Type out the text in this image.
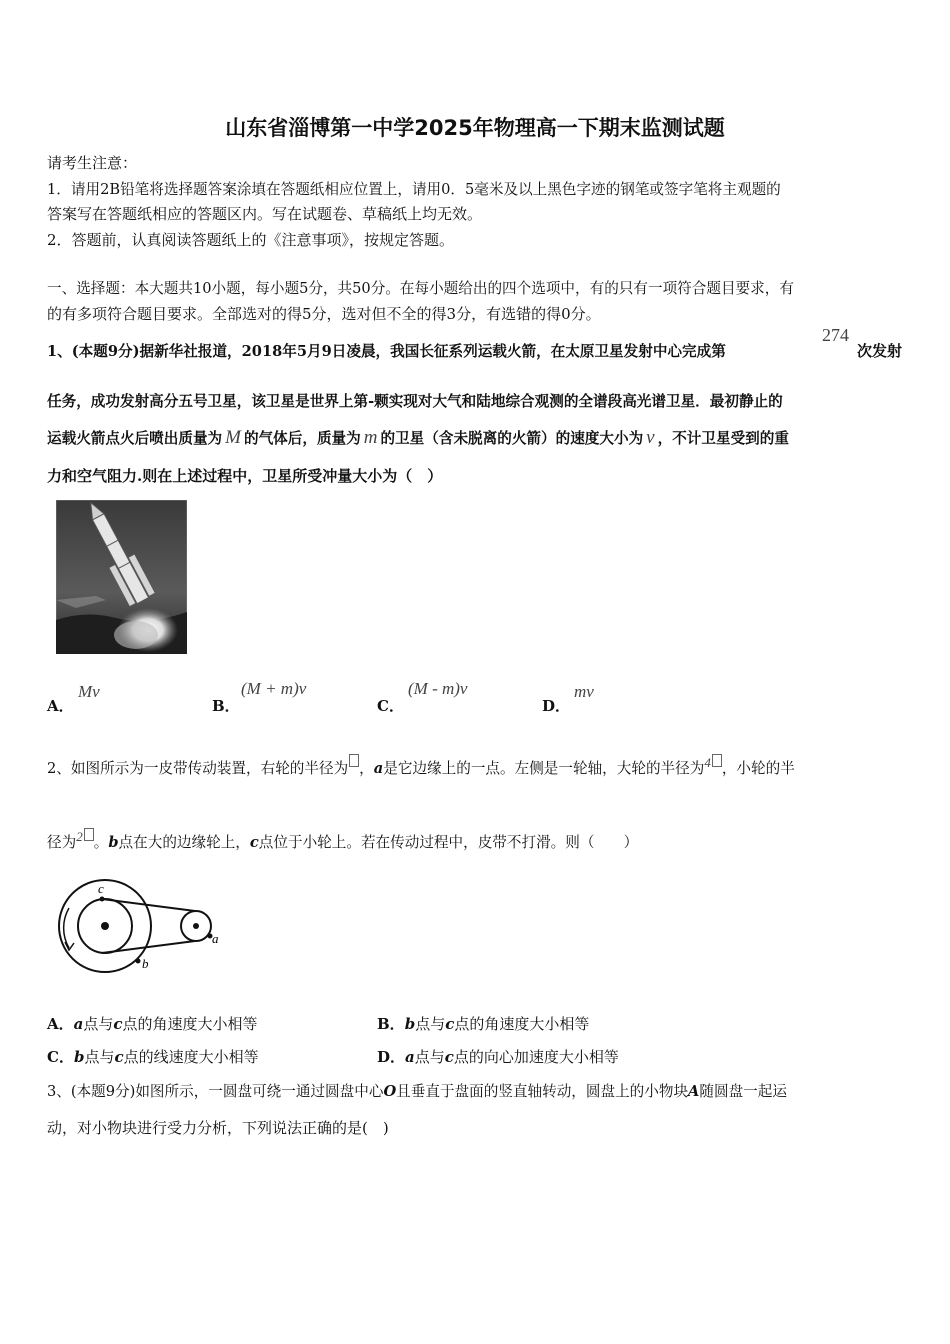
山东省淄博第一中学2025年物理高一下期末监测试题
请考生注意：
1．请用2B铅笔将选择题答案涂填在答题纸相应位置上，请用0．5毫米及以上黑色字迹的钢笔或签字笔将主观题的
答案写在答题纸相应的答题区内。写在试题卷、草稿纸上均无效。
2．答题前，认真阅读答题纸上的《注意事项》，按规定答题。
一、选择题：本大题共10小题，每小题5分，共50分。在每小题给出的四个选项中，有的只有一项符合题目要求，有
的有多项符合题目要求。全部选对的得5分，选对但不全的得3分，有选错的得0分。
1、(本题9分)据新华社报道，2018年5月9日凌晨，我国长征系列运载火箭，在太原卫星发射中心完成第
274
次发射
任务，成功发射高分五号卫星，该卫星是世界上第-颗实现对大气和陆地综合观测的全谱段高光谱卫星．最初静止的
运载火箭点火后喷出质量为 M 的气体后，质量为 m 的卫星（含未脱离的火箭）的速度大小为 v ，不计卫星受到的重
力和空气阻力.则在上述过程中，卫星所受冲量大小为（　）
A．
Mv
B．
(M + m)v
C．
(M - m)v
D．
mv
2、如图所示为一皮带传动装置，右轮的半径为 ，a是它边缘上的一点。左侧是一轮轴，大轮的半径为4 ，小轮的半
径为2 。b点在大的边缘轮上，c点位于小轮上。若在传动过程中，皮带不打滑。则（　　）
c
b
a
A．a点与c点的角速度大小相等	B．b点与c点的角速度大小相等
C．b点与c点的线速度大小相等	D．a点与c点的向心加速度大小相等
3、(本题9分)如图所示，一圆盘可绕一通过圆盘中心O且垂直于盘面的竖直轴转动，圆盘上的小物块A随圆盘一起运
动，对小物块进行受力分析，下列说法正确的是(　)
